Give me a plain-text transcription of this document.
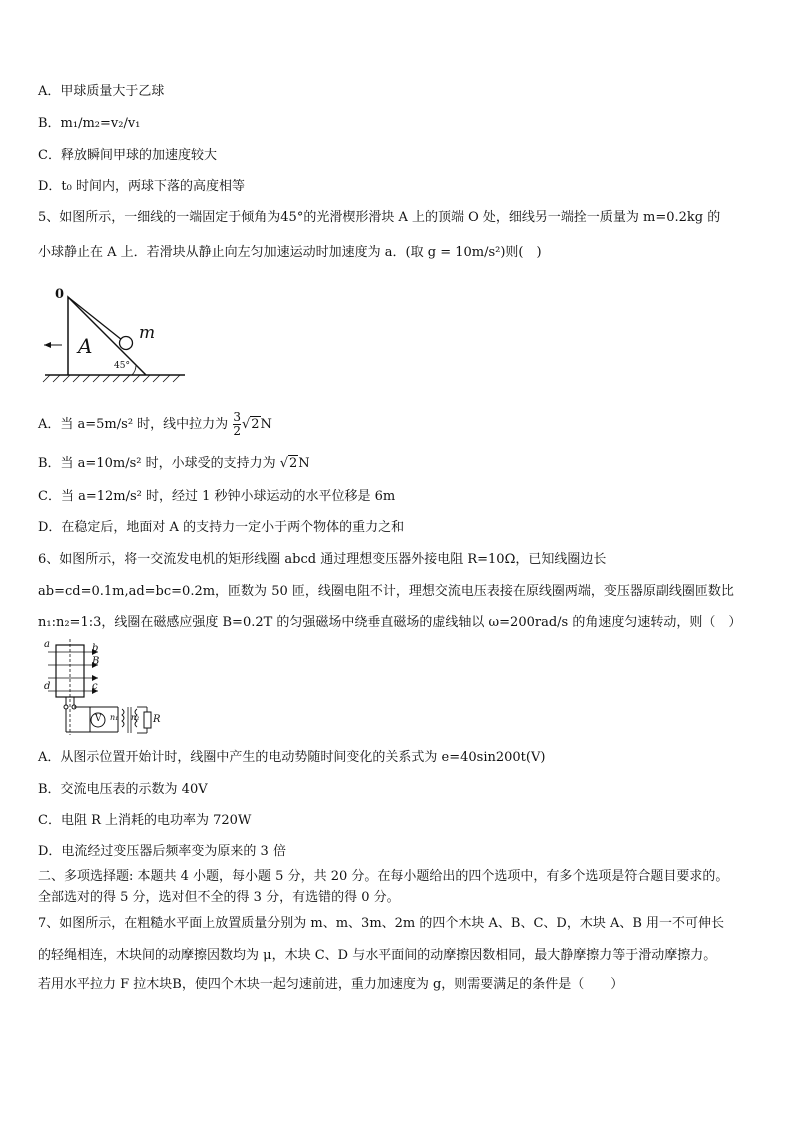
A．甲球质量大于乙球
B．m₁/m₂=v₂/v₁
C．释放瞬间甲球的加速度较大
D．t₀ 时间内，两球下落的高度相等
5、如图所示，一细线的一端固定于倾角为45°的光滑楔形滑块 A 上的顶端 O 处，细线另一端拴一质量为 m=0.2kg 的
小球静止在 A 上．若滑块从静止向左匀加速运动时加速度为 a．(取 g = 10m/s²)则(　)
0
A
m
45°
A．当 a=5m/s² 时，线中拉力为 $\frac{3}{2} √2N$
B．当 a=10m/s² 时，小球受的支持力为 √2N
C．当 a=12m/s² 时，经过 1 秒钟小球运动的水平位移是 6m
D．在稳定后，地面对 A 的支持力一定小于两个物体的重力之和
6、如图所示，将一交流发电机的矩形线圈 abcd 通过理想变压器外接电阻 R=10Ω，已知线圈边长
ab=cd=0.1m,ad=bc=0.2m，匝数为 50 匝，线圈电阻不计，理想交流电压表接在原线圈两端，变压器原副线圈匝数比
n₁:n₂=1:3，线圈在磁感应强度 B=0.2T 的匀强磁场中绕垂直磁场的虚线轴以 ω=200rad/s 的角速度匀速转动，则（　）
a	b
B
d	c
V n₁ n₂ R
A．从图示位置开始计时，线圈中产生的电动势随时间变化的关系式为 e=40sin200t(V)
B．交流电压表的示数为 40V
C．电阻 R 上消耗的电功率为 720W
D．电流经过变压器后频率变为原来的 3 倍
二、多项选择题: 本题共 4 小题，每小题 5 分，共 20 分。在每小题给出的四个选项中，有多个选项是符合题目要求的。
全部选对的得 5 分，选对但不全的得 3 分，有选错的得 0 分。
7、如图所示，在粗糙水平面上放置质量分别为 m、m、3m、2m 的四个木块 A、B、C、D，木块 A、B 用一不可伸长
的轻绳相连，木块间的动摩擦因数均为 μ，木块 C、D 与水平面间的动摩擦因数相同，最大静摩擦力等于滑动摩擦力。
若用水平拉力 F 拉木块B，使四个木块一起匀速前进，重力加速度为 g，则需要满足的条件是（　　）
